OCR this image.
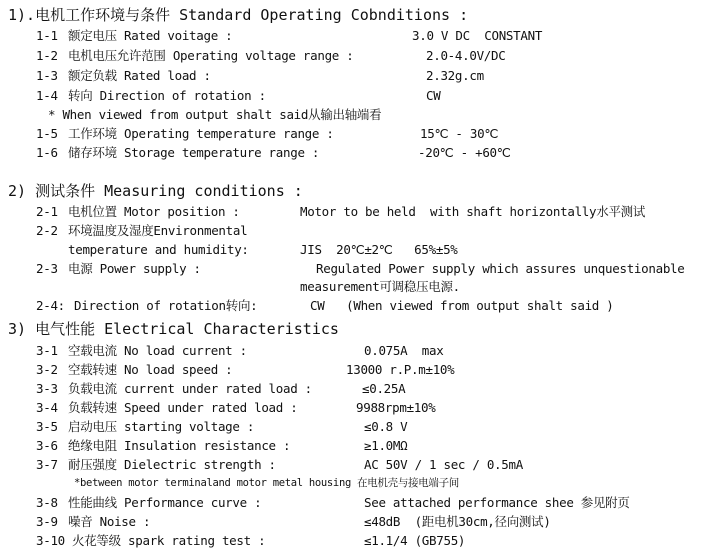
1).电机工作环境与条件 Standard Operating Cobnditions :
1-1 额定电压 Rated voitage :	3.0 V DC  CONSTANT
1-2 电机电压允许范围 Operating voltage range :	2.0-4.0V/DC
1-3 额定负载 Rated load :	2.32g.cm
1-4 转向 Direction of rotation :	CW
* When viewed from output shalt said从输出轴端看
1-5 工作环境 Operating temperature range :	15℃ - 30℃
1-6 储存环境 Storage temperature range :	-20℃ - +60℃
2) 测试条件 Measuring conditions :
2-1 电机位置 Motor position :	Motor to be held  with shaft horizontally水平测试
2-2 环境温度及湿度Environmental
temperature and humidity:	JIS  20℃±2℃   65%±5%
2-3 电源 Power supply :	Regulated Power supply which assures unquestionable
measurement可调稳压电源.
2-4: Direction of rotation转向:	CW   (When viewed from output shalt said )
3) 电气性能 Electrical Characteristics
3-1 空载电流 No load current :	0.075A  max
3-2 空载转速 No load speed :	13000 r.P.m±10%
3-3 负载电流 current under rated load :	≤0.25A
3-4 负载转速 Speed under rated load :	9988rpm±10%
3-5 启动电压 starting voltage :	≤0.8 V
3-6 绝缘电阻 Insulation resistance :	≥1.0MΩ
3-7 耐压强度 Dielectric strength :	AC 50V / 1 sec / 0.5mA
*between motor terminaland motor metal housing 在电机壳与接电端子间
3-8 性能曲线 Performance curve :	See attached performance shee 参见附页
3-9 噪音 Noise :	≤48dB  (距电机30cm,径向测试)
3-10 火花等级 spark rating test :	≤1.1/4 (GB755)
